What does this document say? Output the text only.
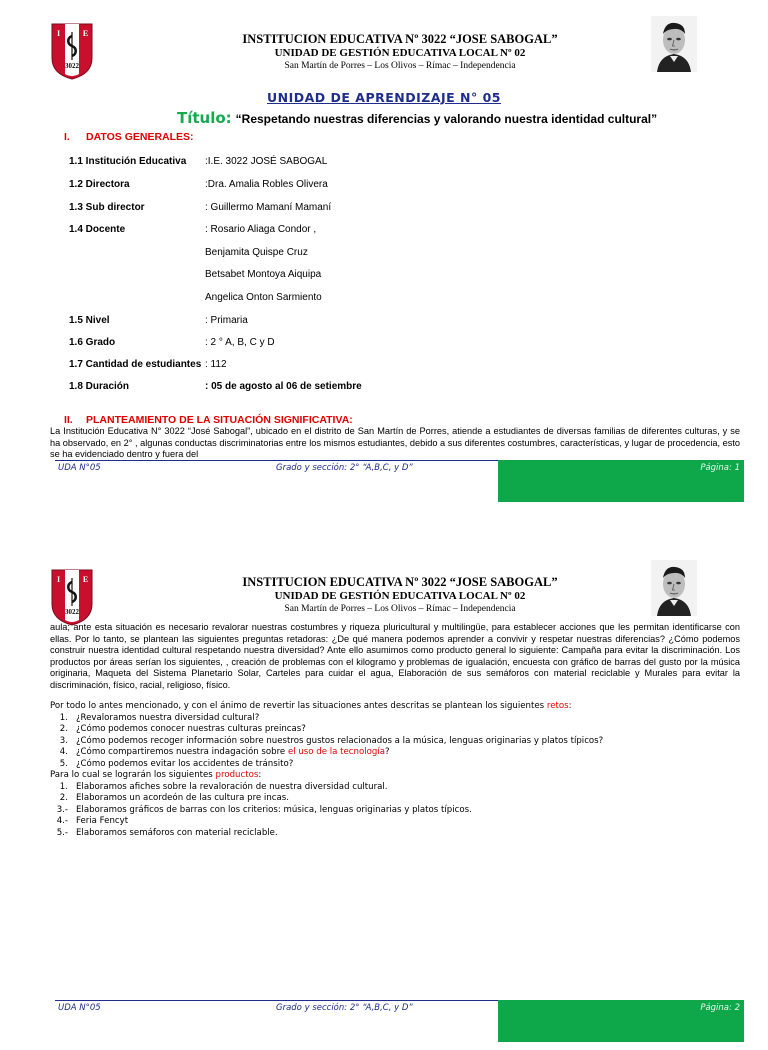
I	E
3022
INSTITUCION EDUCATIVA Nº 3022 “JOSE SABOGAL”
UNIDAD DE GESTIÓN EDUCATIVA LOCAL Nº 02
San Martín de Porres – Los Olivos – Rímac – Independencia
UNIDAD DE APRENDIZAJE N° 05
Título: “Respetando nuestras diferencias y valorando nuestra identidad cultural”
I. DATOS GENERALES:
1.1 Institución Educativa :I.E. 3022 JOSÉ SABOGAL
1.2 Directora	:Dra. Amalia Robles Olivera
1.3 Sub director	: Guillermo Mamaní Mamaní
1.4 Docente	: Rosario Aliaga Condor ,
Benjamita Quispe Cruz
Betsabet Montoya Aiquipa
Angelica Onton Sarmiento
1.5 Nivel	: Primaria
1.6 Grado	: 2 ° A, B, C y D
1.7 Cantidad de estudiantes : 112
1.8 Duración	: 05 de agosto al 06 de setiembre
II. PLANTEAMIENTO DE LA SITUACIÓN SIGNIFICATIVA:
La Institución Educativa N° 3022 “José Sabogal”, ubicado en el distrito de San Martín de Porres, atiende a estudiantes de diversas familias de diferentes culturas, y se ha observado, en 2° , algunas conductas discriminatorias entre los mismos estudiantes, debido a sus diferentes costumbres, características, y lugar de procedencia, esto se ha evidenciado dentro y fuera del
UDA N°05	Grado y sección: 2° “A,B,C, y D”	Página: 1
I	E
3022
INSTITUCION EDUCATIVA Nº 3022 “JOSE SABOGAL”
UNIDAD DE GESTIÓN EDUCATIVA LOCAL Nº 02
San Martín de Porres – Los Olivos – Rímac – Independencia
aula; ante esta situación es necesario revalorar nuestras costumbres y riqueza pluricultural y multilingüe, para establecer acciones que les permitan identificarse con ellas. Por lo tanto, se plantean las siguientes preguntas retadoras: ¿De qué manera podemos aprender a convivir y respetar nuestras diferencias? ¿Cómo podemos construir nuestra identidad cultural respetando nuestra diversidad? Ante ello asumimos como producto general lo siguiente: Campaña para evitar la discriminación. Los productos por áreas serían los siguientes, , creación de problemas con el kilogramo y problemas de igualación, encuesta con gráfico de barras del gusto por la música originaria, Maqueta del Sistema Planetario Solar, Carteles para cuidar el agua, Elaboración de sus semáforos con material reciclable y Murales para evitar la discriminación, físico, racial, religioso, físico.
Por todo lo antes mencionado, y con el ánimo de revertir las situaciones antes descritas se plantean los siguientes retos:
1. ¿Revaloramos nuestra diversidad cultural?
2. ¿Cómo podemos conocer nuestras culturas preincas?
3. ¿Cómo podemos recoger información sobre nuestros gustos relacionados a la música, lenguas originarias y platos típicos?
4. ¿Cómo compartiremos nuestra indagación sobre el uso de la tecnología?
5. ¿Cómo podemos evitar los accidentes de tránsito?
Para lo cual se lograrán los siguientes productos:
1. Elaboramos afiches sobre la revaloración de nuestra diversidad cultural.
2. Elaboramos un acordeón de las cultura pre incas.
3.- Elaboramos gráficos de barras con los criterios: música, lenguas originarias y platos típicos.
4.- Feria Fencyt
5.- Elaboramos semáforos con material reciclable.
UDA N°05	Grado y sección: 2° “A,B,C, y D”	Página: 2
